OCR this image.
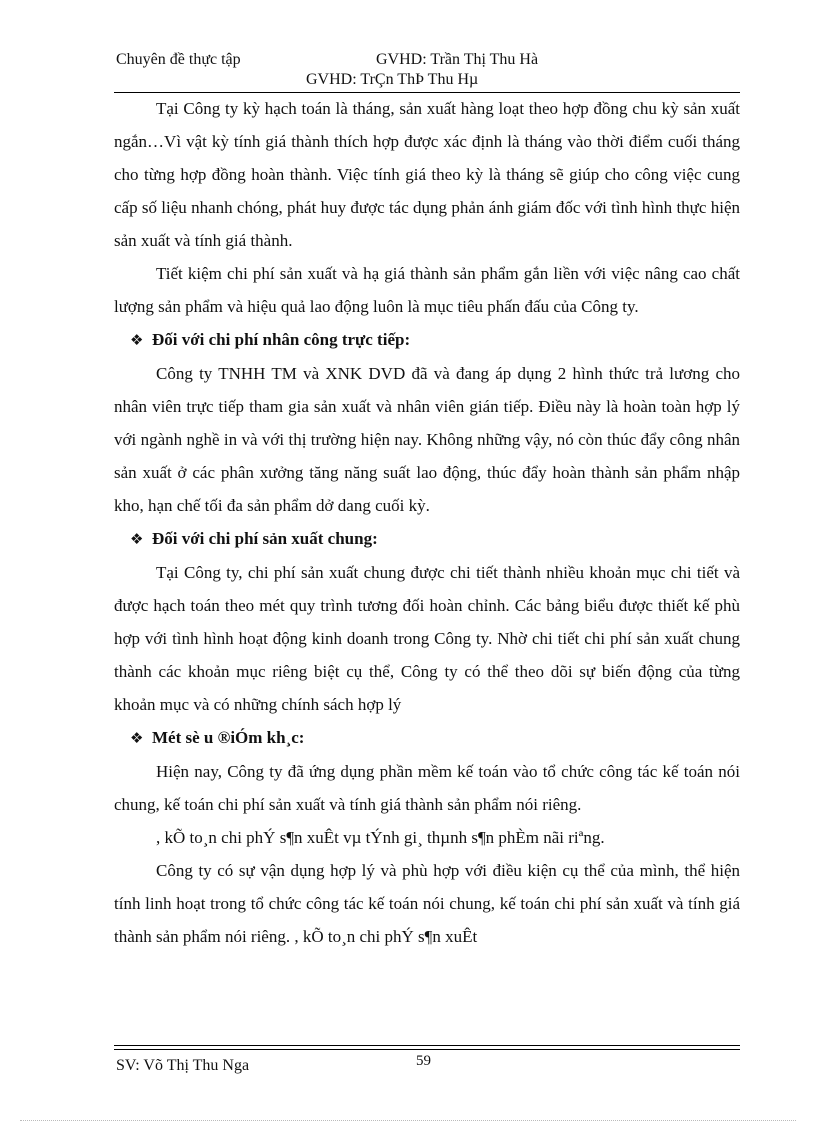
Chuyên đề thực tập	GVHD: Trần Thị Thu Hà
GVHD: TrÇn ThÞ Thu Hµ

Tại Công ty kỳ hạch toán là tháng, sản xuất hàng loạt theo hợp đồng chu kỳ sản xuất ngắn…Vì vật kỳ tính giá thành thích hợp được xác định là tháng vào thời điểm cuối tháng cho từng hợp đồng hoàn thành. Việc tính giá theo kỳ là tháng sẽ giúp cho công việc cung cấp số liệu nhanh chóng, phát huy được tác dụng phản ánh giám đốc với tình hình thực hiện sản xuất và tính giá thành.

Tiết kiệm chi phí sản xuất và hạ giá thành sản phẩm gắn liền với việc nâng cao chất lượng sản phẩm và hiệu quả lao động luôn là mục tiêu phấn đấu của Công ty.

❖ Đối với chi phí nhân công trực tiếp:

Công ty TNHH TM và XNK DVD đã và đang áp dụng 2 hình thức trả lương cho nhân viên trực tiếp tham gia sản xuất và nhân viên gián tiếp. Điều này là hoàn toàn hợp lý với ngành nghề in và với thị trường hiện nay. Không những vậy, nó còn thúc đẩy công nhân sản xuất ở các phân xưởng tăng năng suất lao động, thúc đẩy hoàn thành sản phẩm nhập kho, hạn chế tối đa sản phẩm dở dang cuối kỳ.

❖ Đối với chi phí sản xuất chung:

Tại Công ty, chi phí sản xuất chung được chi tiết thành nhiều khoản mục chi tiết và được hạch toán theo mét quy trình tương đối hoàn chỉnh. Các bảng biểu được thiết kế phù hợp với tình hình hoạt động kinh doanh trong Công ty. Nhờ chi tiết chi phí sản xuất chung thành các khoản mục riêng biệt cụ thể, Công ty có thể theo dõi sự biến động của từng khoản mục và có những chính sách hợp lý

❖ Mét sè u ®iÓm kh¸c:

Hiện nay, Công ty đã ứng dụng phần mềm kế toán vào tổ chức công tác kế toán nói chung, kế toán chi phí sản xuất và tính giá thành sản phẩm nói riêng.

, kÕ to¸n chi phÝ s¶n xuÊt vµ tÝnh gi¸ thµnh s¶n phÈm nãi riªng.

Công ty có sự vận dụng hợp lý và phù hợp với điều kiện cụ thể của mình, thể hiện tính linh hoạt trong tổ chức công tác kế toán nói chung, kế toán chi phí sản xuất và tính giá thành sản phẩm nói riêng. , kÕ to¸n chi phÝ s¶n xuÊt

59
SV: Võ Thị Thu Nga
